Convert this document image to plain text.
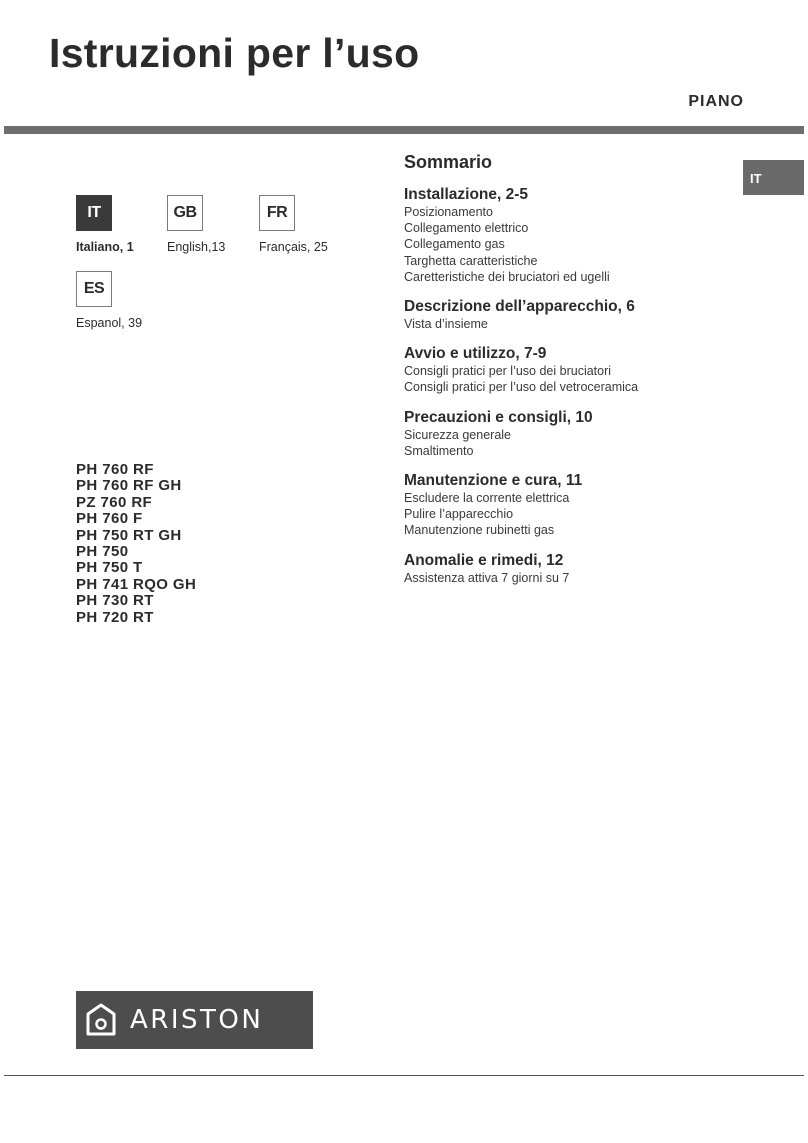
Istruzioni per l’uso
PIANO
IT
IT
Italiano, 1
GB
English,13
FR
Français, 25
ES
Espanol, 39
PH 760 RF
PH 760 RF GH
PZ 760 RF
PH 760 F
PH 750 RT GH
PH 750
PH 750 T
PH 741 RQO GH
PH 730 RT
PH 720 RT
Sommario
Installazione, 2-5
Posizionamento
Collegamento elettrico
Collegamento gas
Targhetta caratteristiche
Caretteristiche dei bruciatori ed ugelli
Descrizione dell’apparecchio, 6
Vista d’insieme
Avvio e utilizzo, 7-9
Consigli pratici per l’uso dei bruciatori
Consigli pratici per l’uso del vetroceramica
Precauzioni e consigli, 10
Sicurezza generale
Smaltimento
Manutenzione e cura, 11
Escludere la corrente elettrica
Pulire l’apparecchio
Manutenzione rubinetti gas
Anomalie e rimedi, 12
Assistenza attiva 7 giorni su 7
ARISTON
